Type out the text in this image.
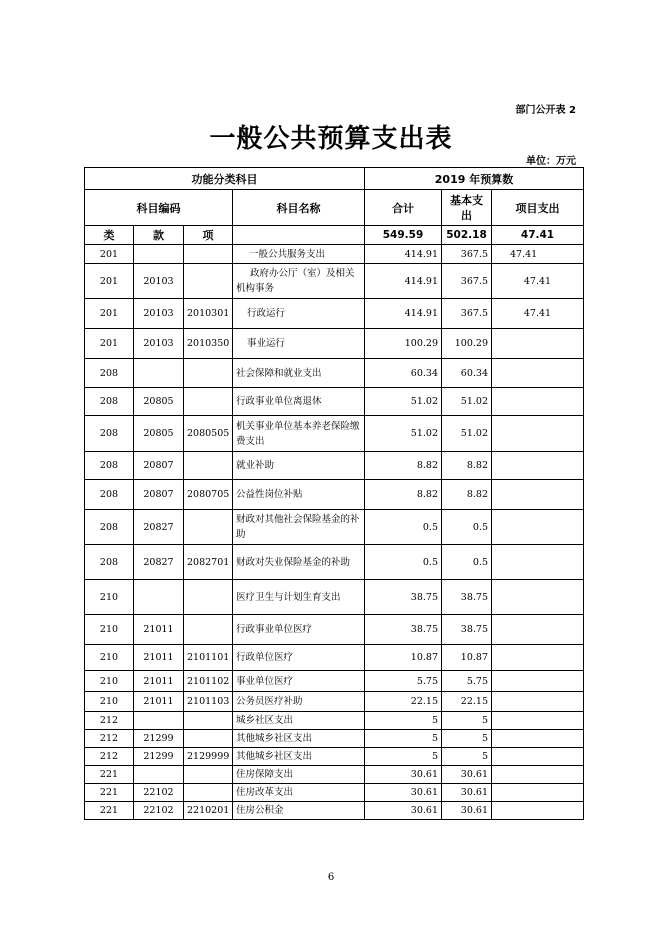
部门公开表 2
一般公共预算支出表
单位：万元
功能分类科目				2019 年预算数		
科目编码			科目名称	合计	基本支出	项目支出
类	款	项		549.59	502.18	47.41
201			一般公共服务支出	414.91	367.5	47.41
201	20103		政府办公厅（室）及相关机构事务	414.91	367.5	47.41
201	20103	2010301	行政运行	414.91	367.5	47.41
201	20103	2010350	事业运行	100.29	100.29	
208			社会保障和就业支出	60.34	60.34	
208	20805		行政事业单位离退休	51.02	51.02	
208	20805	2080505	机关事业单位基本养老保险缴费支出	51.02	51.02	
208	20807		就业补助	8.82	8.82	
208	20807	2080705	公益性岗位补贴	8.82	8.82	
208	20827		财政对其他社会保险基金的补助	0.5	0.5	
208	20827	2082701	财政对失业保险基金的补助	0.5	0.5	
210			医疗卫生与计划生育支出	38.75	38.75	
210	21011		行政事业单位医疗	38.75	38.75	
210	21011	2101101	行政单位医疗	10.87	10.87	
210	21011	2101102	事业单位医疗	5.75	5.75	
210	21011	2101103	公务员医疗补助	22.15	22.15	
212			城乡社区支出	5	5	
212	21299		其他城乡社区支出	5	5	
212	21299	2129999	其他城乡社区支出	5	5	
221			住房保障支出	30.61	30.61	
221	22102		住房改革支出	30.61	30.61	
221	22102	2210201	住房公积金	30.61	30.61	
6
